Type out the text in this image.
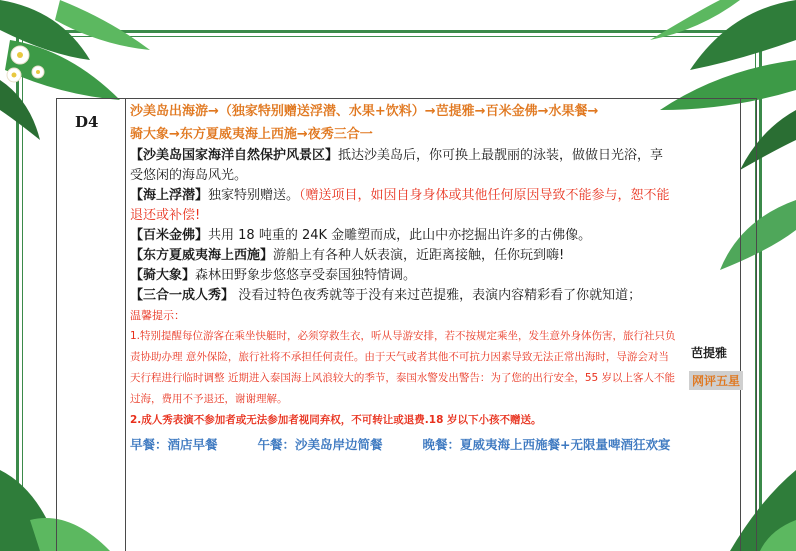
D4

沙美岛出海游→（独家特别赠送浮潜、水果+饮料）→芭提雅→百米金佛→水果餐→

骑大象→东方夏威夷海上西施→夜秀三合一

【沙美岛国家海洋自然保护风景区】抵达沙美岛后，你可换上最靓丽的泳装，做做日光浴，享受悠闲的海岛风光。

【海上浮潜】独家特别赠送。（赠送项目，如因自身身体或其他任何原因导致不能参与，恕不能退还或补偿!

【百米金佛】共用 18 吨重的 24K 金雕塑而成，此山中亦挖掘出许多的古佛像。

【东方夏威夷海上西施】游船上有各种人妖表演，近距离接触，任你玩到嗨!

【骑大象】森林田野象步悠悠享受泰国独特情调。

【三合一成人秀】 没看过特色夜秀就等于没有来过芭提雅，表演内容精彩看了你就知道；

温馨提示：

1.特别提醒每位游客在乘坐快艇时，必须穿救生衣，听从导游安排，若不按规定乘坐，发生意外身体伤害，旅行社只负责协助办理 意外保险，旅行社将不承担任何责任。由于天气或者其他不可抗力因素导致无法正常出海时，导游会对当天行程进行临时调整 近期进入泰国海上风浪较大的季节，泰国水警发出警告：为了您的出行安全，55 岁以上客人不能过海，费用不予退还，谢谢理解。

2.成人秀表演不参加者或无法参加者视同弃权，不可转让或退费.18 岁以下小孩不赠送。

早餐：酒店早餐	午餐：沙美岛岸边简餐	晚餐：夏威夷海上西施餐+无限量啤酒狂欢宴

芭提雅
网评五星
